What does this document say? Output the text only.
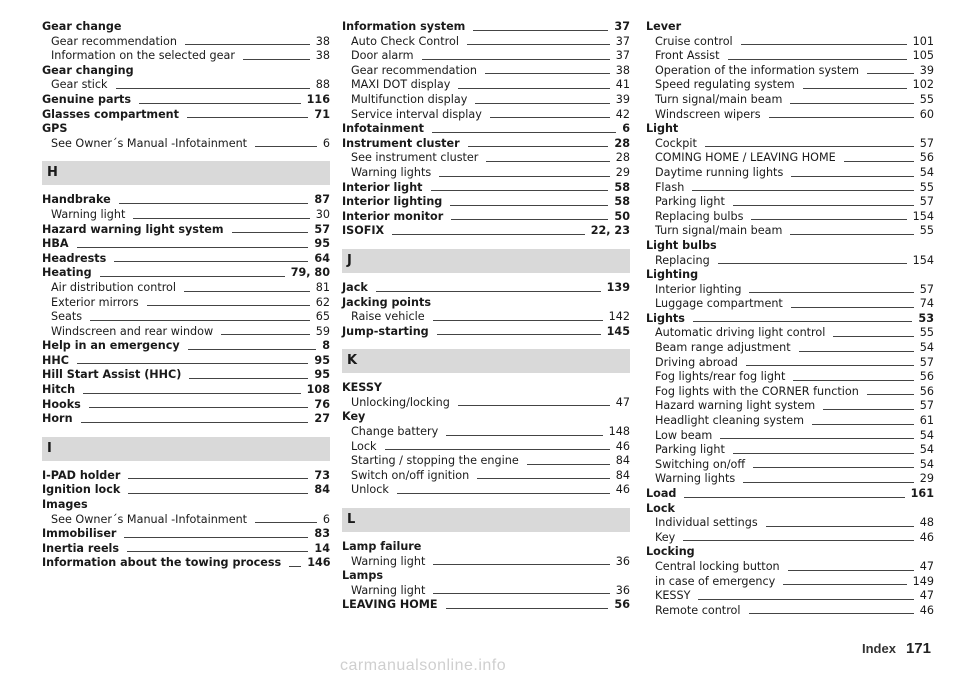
Gear change
Gear recommendation	38
Information on the selected gear	38
Gear changing
Gear stick	88
Genuine parts	116
Glasses compartment	71
GPS
See Owner´s Manual -Infotainment	6
H
Handbrake	87
Warning light	30
Hazard warning light system	57
HBA	95
Headrests	64
Heating	79, 80
Air distribution control	81
Exterior mirrors	62
Seats	65
Windscreen and rear window	59
Help in an emergency	8
HHC	95
Hill Start Assist (HHC)	95
Hitch	108
Hooks	76
Horn	27
I
I-PAD holder	73
Ignition lock	84
Images
See Owner´s Manual -Infotainment	6
Immobiliser	83
Inertia reels	14
Information about the towing process 146
Information system	37
Auto Check Control	37
Door alarm	37
Gear recommendation	38
MAXI DOT display	41
Multifunction display	39
Service interval display	42
Infotainment	6
Instrument cluster	28
See instrument cluster	28
Warning lights	29
Interior light	58
Interior lighting	58
Interior monitor	50
ISOFIX	22, 23
J
Jack	139
Jacking points
Raise vehicle	142
Jump-starting	145
K
KESSY
Unlocking/locking	47
Key
Change battery	148
Lock	46
Starting / stopping the engine	84
Switch on/off ignition	84
Unlock	46
L
Lamp failure
Warning light	36
Lamps
Warning light	36
LEAVING HOME	56
Lever
Cruise control	101
Front Assist	105
Operation of the information system	39
Speed regulating system	102
Turn signal/main beam	55
Windscreen wipers	60
Light
Cockpit	57
COMING HOME / LEAVING HOME	56
Daytime running lights	54
Flash	55
Parking light	57
Replacing bulbs	154
Turn signal/main beam	55
Light bulbs
Replacing	154
Lighting
Interior lighting	57
Luggage compartment	74
Lights	53
Automatic driving light control	55
Beam range adjustment	54
Driving abroad	57
Fog lights/rear fog light	56
Fog lights with the CORNER function	56
Hazard warning light system	57
Headlight cleaning system	61
Low beam	54
Parking light	54
Switching on/off	54
Warning lights	29
Load	161
Lock
Individual settings	48
Key	46
Locking
Central locking button	47
in case of emergency	149
KESSY	47
Remote control	46
Index 171
carmanualsonline.info
